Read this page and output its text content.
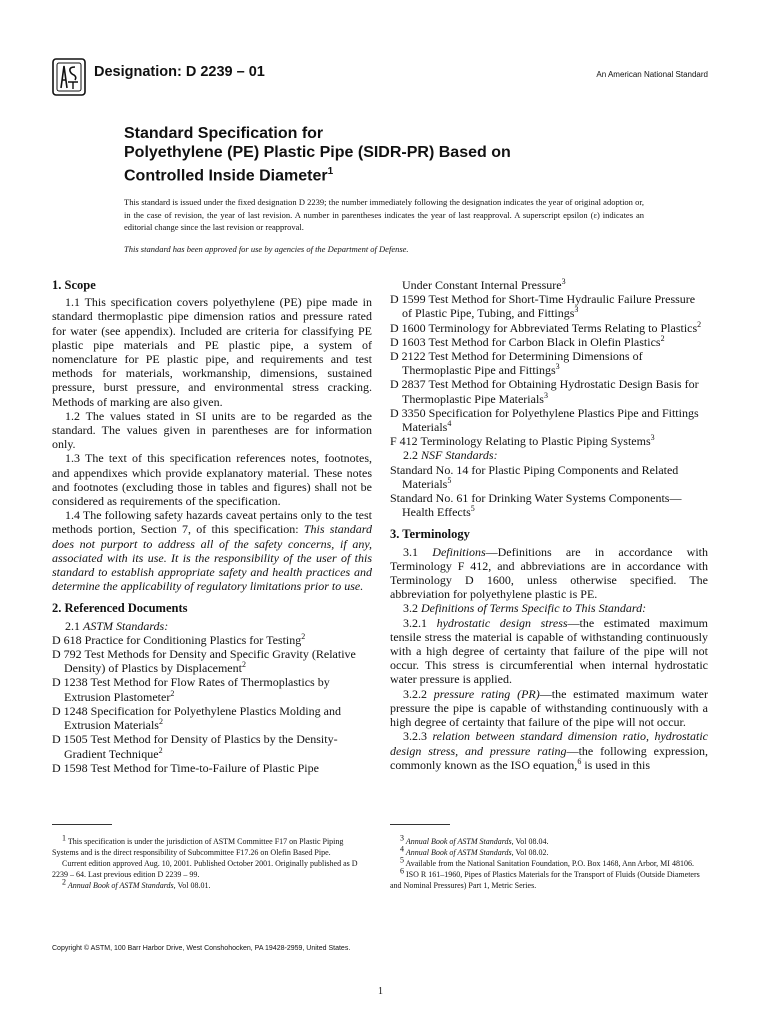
Designation: D 2239 – 01	An American National Standard
Standard Specification for
Polyethylene (PE) Plastic Pipe (SIDR-PR) Based on
Controlled Inside Diameter$^1$
This standard is issued under the fixed designation D 2239; the number immediately following the designation indicates the year of original adoption or, in the case of revision, the year of last revision. A number in parentheses indicates the year of last reapproval. A superscript epsilon (ε) indicates an editorial change since the last revision or reapproval.
This standard has been approved for use by agencies of the Department of Defense.
1. Scope

1.1 This specification covers polyethylene (PE) pipe made in standard thermoplastic pipe dimension ratios and pressure rated for water (see appendix). Included are criteria for classifying PE plastic pipe materials and PE plastic pipe, a system of nomenclature for PE plastic pipe, and requirements and test methods for materials, workmanship, dimensions, sustained pressure, burst pressure, and environmental stress cracking. Methods of marking are also given.

1.2 The values stated in SI units are to be regarded as the standard. The values given in parentheses are for information only.

1.3 The text of this specification references notes, footnotes, and appendixes which provide explanatory material. These notes and footnotes (excluding those in tables and figures) shall not be considered as requirements of the specification.

1.4 The following safety hazards caveat pertains only to the test methods portion, Section 7, of this specification: This standard does not purport to address all of the safety concerns, if any, associated with its use. It is the responsibility of the user of this standard to establish appropriate safety and health practices and determine the applicability of regulatory limitations prior to use.

2. Referenced Documents

2.1 ASTM Standards:

D 618 Practice for Conditioning Plastics for Testing$^2$

D 792 Test Methods for Density and Specific Gravity (Relative Density) of Plastics by Displacement$^2$

D 1238 Test Method for Flow Rates of Thermoplastics by Extrusion Plastometer$^2$

D 1248 Specification for Polyethylene Plastics Molding and Extrusion Materials$^2$

D 1505 Test Method for Density of Plastics by the Density-Gradient Technique$^2$

D 1598 Test Method for Time-to-Failure of Plastic Pipe

Under Constant Internal Pressure$^3$

D 1599 Test Method for Short-Time Hydraulic Failure Pressure of Plastic Pipe, Tubing, and Fittings$^3$

D 1600 Terminology for Abbreviated Terms Relating to Plastics$^2$

D 1603 Test Method for Carbon Black in Olefin Plastics$^2$

D 2122 Test Method for Determining Dimensions of Thermoplastic Pipe and Fittings$^3$

D 2837 Test Method for Obtaining Hydrostatic Design Basis for Thermoplastic Pipe Materials$^3$

D 3350 Specification for Polyethylene Plastics Pipe and Fittings Materials$^4$

F 412 Terminology Relating to Plastic Piping Systems$^3$

2.2 NSF Standards:

Standard No. 14 for Plastic Piping Components and Related Materials$^5$

Standard No. 61 for Drinking Water Systems Components—Health Effects$^5$

3. Terminology

3.1 Definitions—Definitions are in accordance with Terminology F 412, and abbreviations are in accordance with Terminology D 1600, unless otherwise specified. The abbreviation for polyethylene plastic is PE.

3.2 Definitions of Terms Specific to This Standard:

3.2.1 hydrostatic design stress—the estimated maximum tensile stress the material is capable of withstanding continuously with a high degree of certainty that failure of the pipe will not occur. This stress is circumferential when internal hydrostatic water pressure is applied.

3.2.2 pressure rating (PR)—the estimated maximum water pressure the pipe is capable of withstanding continuously with a high degree of certainty that failure of the pipe will not occur.

3.2.3 relation between standard dimension ratio, hydrostatic design stress, and pressure rating—the following expression, commonly known as the ISO equation,$^6$ is used in this

1 This specification is under the jurisdiction of ASTM Committee F17 on Plastic Piping Systems and is the direct responsibility of Subcommittee F17.26 on Olefin Based Pipe.

Current edition approved Aug. 10, 2001. Published October 2001. Originally published as D 2239 – 64. Last previous edition D 2239 – 99.

2 Annual Book of ASTM Standards, Vol 08.01.

3 Annual Book of ASTM Standards, Vol 08.04.

4 Annual Book of ASTM Standards, Vol 08.02.

5 Available from the National Sanitation Foundation, P.O. Box 1468, Ann Arbor, MI 48106.

6 ISO R 161–1960, Pipes of Plastics Materials for the Transport of Fluids (Outside Diameters and Nominal Pressures) Part 1, Metric Series.

Copyright © ASTM, 100 Barr Harbor Drive, West Conshohocken, PA 19428-2959, United States.
1
